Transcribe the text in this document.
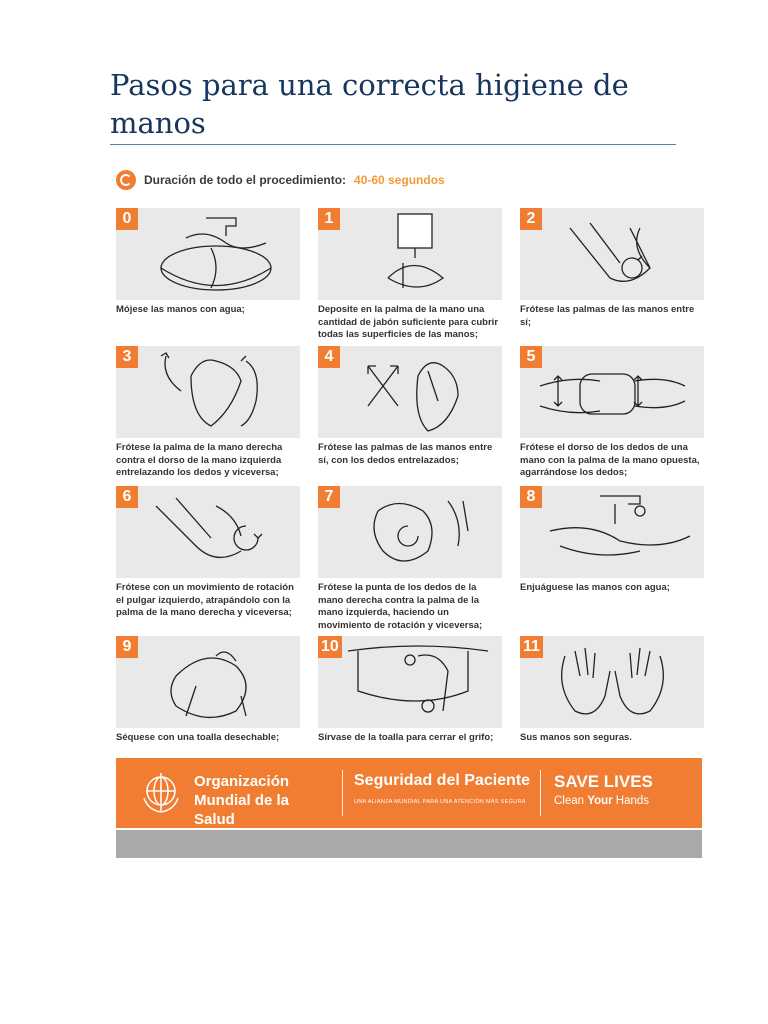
Pasos para una correcta higiene de manos
Duración de todo el procedimiento: 40-60 segundos
0
Mójese las manos con agua;
1
Deposite en la palma de la mano una cantidad de jabón suficiente para cubrir todas las superficies de las manos;
2
Frótese las palmas de las manos entre sí;
3
Frótese la palma de la mano derecha contra el dorso de la mano izquierda entrelazando los dedos y viceversa;
4
Frótese las palmas de las manos entre sí, con los dedos entrelazados;
5
Frótese el dorso de los dedos de una mano con la palma de la mano opuesta, agarrándose los dedos;
6
Frótese con un movimiento de rotación el pulgar izquierdo, atrapándolo con la palma de la mano derecha y viceversa;
7
Frótese la punta de los dedos de la mano derecha contra la palma de la mano izquierda, haciendo un movimiento de rotación y viceversa;
8
Enjuáguese las manos con agua;
9
Séquese con una toalla desechable;
10
Sírvase de la toalla para cerrar el grifo;
11
Sus manos son seguras.
Organización Mundial de la Salud
Seguridad del Paciente
UNA ALIANZA MUNDIAL PARA UNA ATENCIÓN MÁS SEGURA
SAVE LIVES
Clean Your Hands
